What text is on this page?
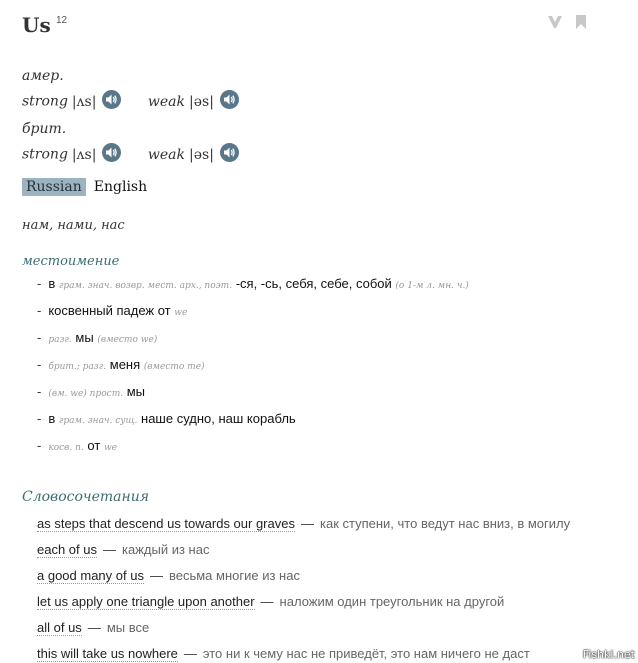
Us 12

амер.
strong |ʌs|	weak |əs|
брит.
strong |ʌs|	weak |əs|
Russian English
нам, нами, нас
местоимение
- в грам. знач. возвр. мест. арх., поэт. -ся, -сь, себя, себе, собой (о 1-м л. мн. ч.)
- косвенный падеж от we
- разг. мы (вместо we)
- брит.; разг. меня (вместо me)
- (вм. we) прост. мы
- в грам. знач. сущ. наше судно, наш корабль
- косв. п. от we
Словосочетания
as steps that descend us towards our graves — как ступени, что ведут нас вниз, в могилу
each of us — каждый из нас
a good many of us — весьма многие из нас
let us apply one triangle upon another — наложим один треугольник на другой
all of us — мы все
this will take us nowhere — это ни к чему нас не приведёт, это нам ничего не даст	Fishki.net
